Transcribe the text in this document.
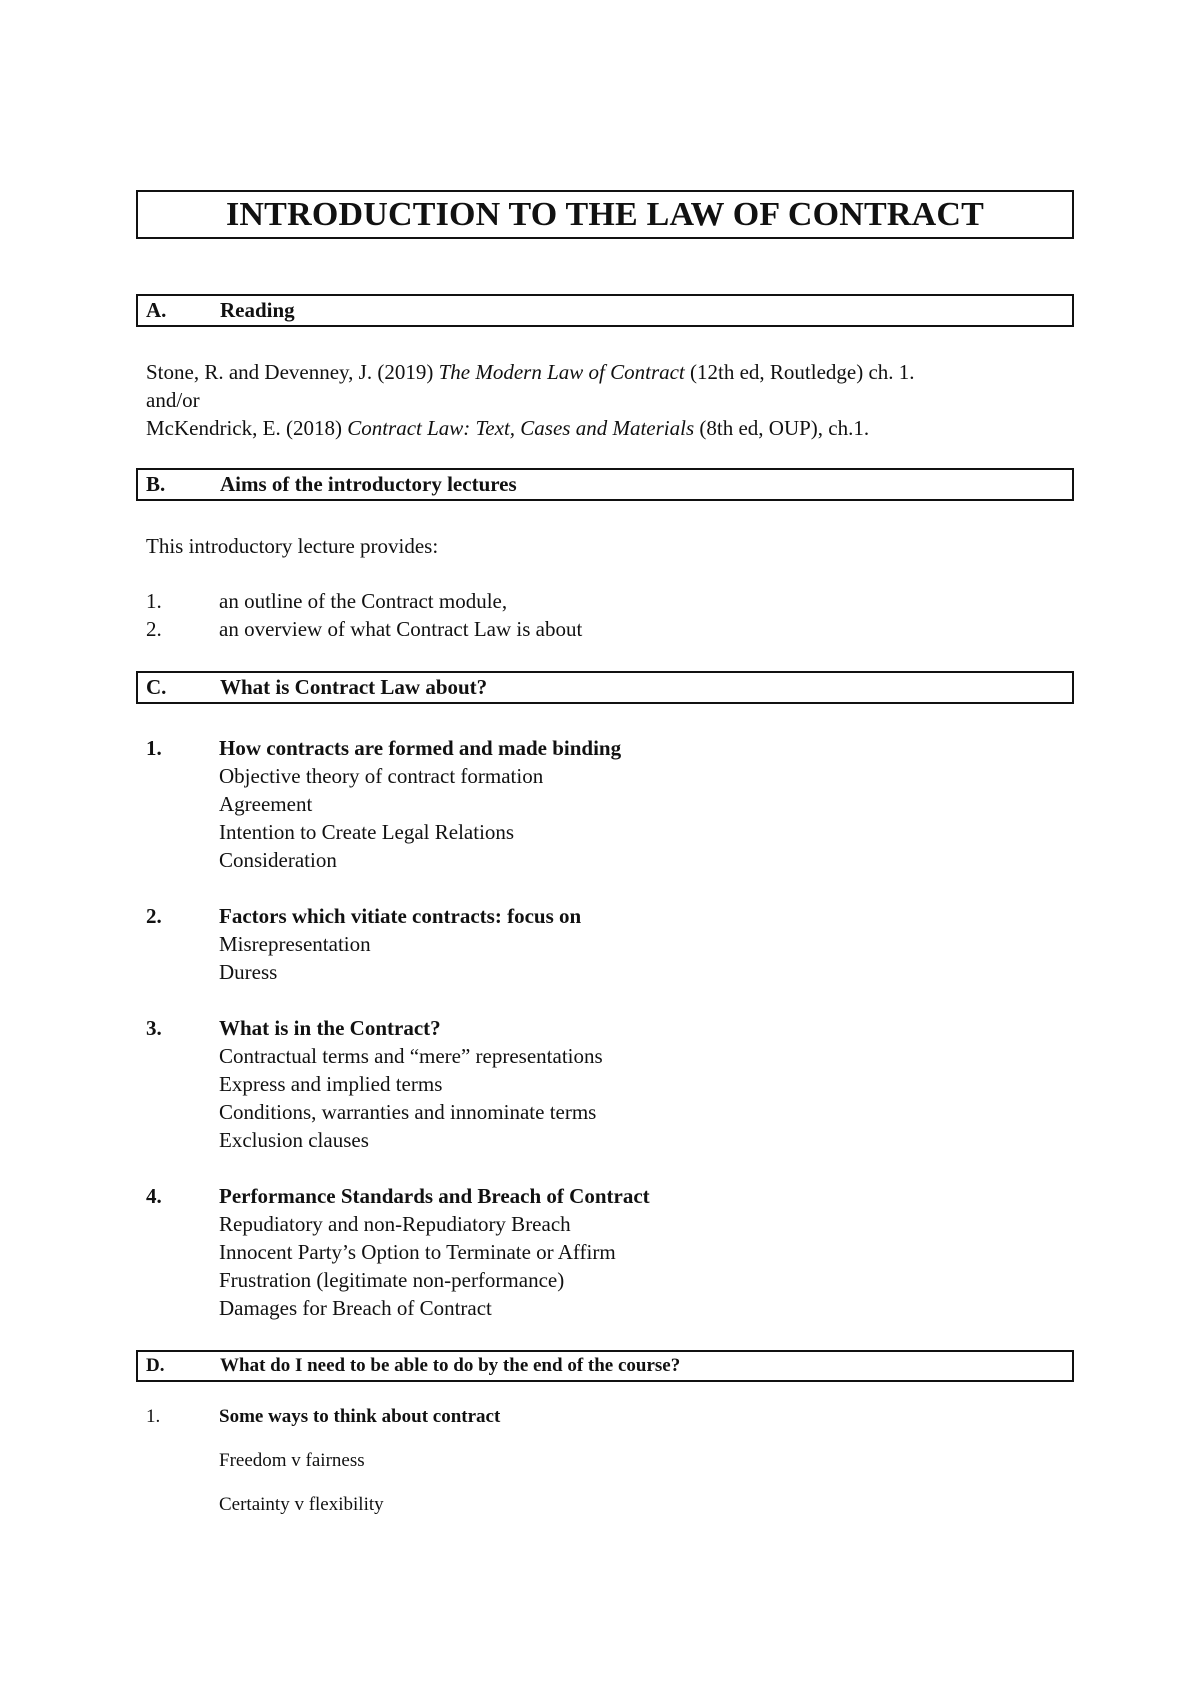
INTRODUCTION TO THE LAW OF CONTRACT
A.	Reading
Stone, R. and Devenney, J. (2019) The Modern Law of Contract (12th ed, Routledge) ch. 1.
and/or
McKendrick, E. (2018) Contract Law: Text, Cases and Materials (8th ed, OUP), ch.1.
B.	Aims of the introductory lectures
This introductory lecture provides:
1.	an outline of the Contract module,
2.	an overview of what Contract Law is about
C.	What is Contract Law about?
1.	How contracts are formed and made binding
Objective theory of contract formation
Agreement
Intention to Create Legal Relations
Consideration
2.	Factors which vitiate contracts: focus on
Misrepresentation
Duress
3.	What is in the Contract?
Contractual terms and “mere” representations
Express and implied terms
Conditions, warranties and innominate terms
Exclusion clauses
4.	Performance Standards and Breach of Contract
Repudiatory and non-Repudiatory Breach
Innocent Party’s Option to Terminate or Affirm
Frustration (legitimate non-performance)
Damages for Breach of Contract
D.	What do I need to be able to do by the end of the course?
1.	Some ways to think about contract
Freedom v fairness
Certainty v flexibility
